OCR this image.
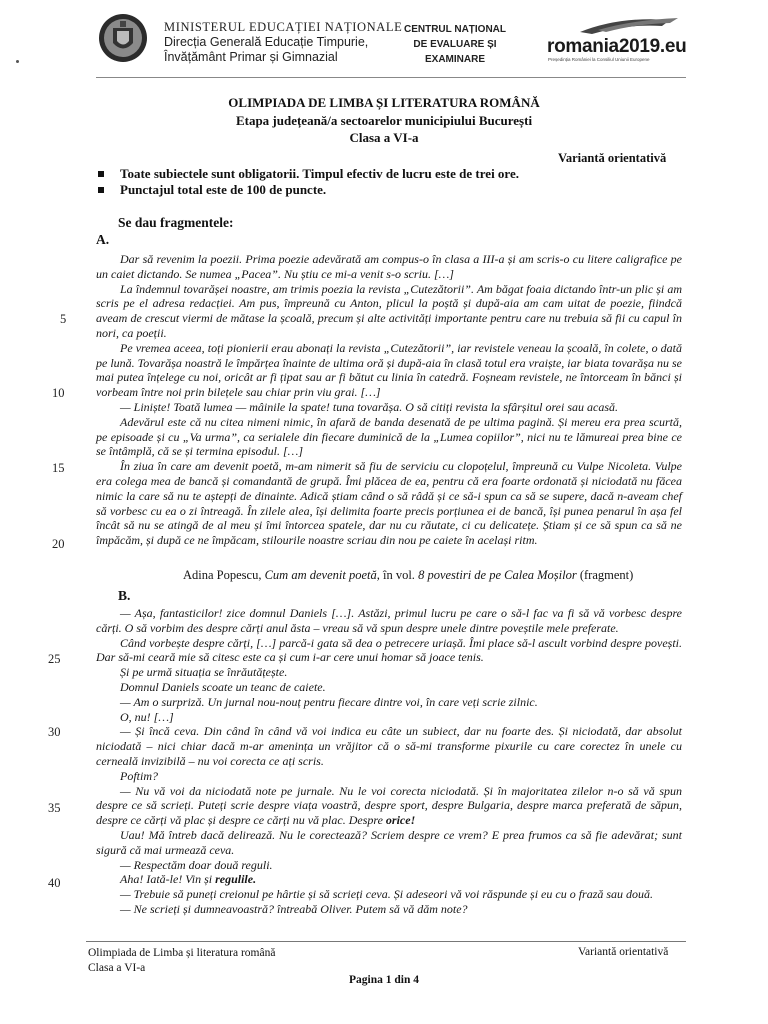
MINISTERUL EDUCAȚIEI NAȚIONALE
Direcția Generală Educație Timpurie,
Învățământ Primar și Gimnazial
CENTRUL NAȚIONAL
DE EVALUARE ȘI
EXAMINARE
romania2019.eu
Președinția României la Consiliul Uniunii Europene
OLIMPIADA DE LIMBA ȘI LITERATURA ROMÂNĂ
Etapa județeană/a sectoarelor municipiului București
Clasa a VI-a
Variantă orientativă
Toate subiectele sunt obligatorii. Timpul efectiv de lucru este de trei ore.
Punctajul total este de 100 de puncte.
Se dau fragmentele:
A.

Dar să revenim la poezii. Prima poezie adevărată am compus-o în clasa a III-a și am scris-o cu litere caligrafice pe un caiet dictando. Se numea „Pacea”. Nu știu ce mi-a venit s-o scriu. […]

La îndemnul tovarășei noastre, am trimis poezia la revista „Cutezătorii”. Am băgat foaia dictando într-un plic și am scris pe el adresa redacției. Am pus, împreună cu Anton, plicul la poștă și după-aia am cam uitat de poezie, fiindcă aveam de crescut viermi de mătase la școală, precum și alte activități importante pentru care nu trebuia să fii cu capul în nori, ca poeții.

Pe vremea aceea, toți pionierii erau abonați la revista „Cutezătorii”, iar revistele veneau la școală, în colete, o dată pe lună. Tovarășa noastră le împărțea înainte de ultima oră și după-aia în clasă totul era vraiște, iar biata tovarășa nu se mai putea înțelege cu noi, oricât ar fi țipat sau ar fi bătut cu linia în catedră. Foșneam revistele, ne întorceam în bănci și vorbeam între noi prin bilețele sau chiar prin viu grai. […]

— Liniște! Toată lumea — mâinile la spate! tuna tovarășa. O să citiți revista la sfârșitul orei sau acasă.

Adevărul este că nu citea nimeni nimic, în afară de banda desenată de pe ultima pagină. Și mereu era prea scurtă, pe episoade și cu „Va urma”, ca serialele din fiecare duminică de la „Lumea copiilor”, nici nu te lămureai prea bine ce se întâmplă, că se și termina episodul. […]

În ziua în care am devenit poetă, m-am nimerit să fiu de serviciu cu clopoțelul, împreună cu Vulpe Nicoleta. Vulpe era colega mea de bancă și comandantă de grupă. Îmi plăcea de ea, pentru că era foarte ordonată și niciodată nu făcea nimic la care să nu te aștepți de dinainte. Adică știam când o să râdă și ce să-i spun ca să se supere, dacă n-aveam chef să vorbesc cu ea o zi întreagă. În zilele alea, își delimita foarte precis porțiunea ei de bancă, își punea penarul în așa fel încât să nu se atingă de al meu și îmi întorcea spatele, dar nu cu răutate, ci cu delicatețe. Știam și ce să spun ca să ne împăcăm, și după ce ne împăcam, stilourile noastre scriau din nou pe caiete în același ritm.

Adina Popescu, Cum am devenit poetă, în vol. 8 povestiri de pe Calea Moșilor (fragment)
B.

— Așa, fantasticilor! zice domnul Daniels […]. Astăzi, primul lucru pe care o să-l fac va fi să vă vorbesc despre cărți. O să vorbim des despre cărți anul ăsta – vreau să vă spun despre unele dintre poveștile mele preferate.

Când vorbește despre cărți, […] parcă-i gata să dea o petrecere uriașă. Îmi place să-l ascult vorbind despre povești. Dar să-mi ceară mie să citesc este ca și cum i-ar cere unui homar să joace tenis.

Și pe urmă situația se înrăutățește.

Domnul Daniels scoate un teanc de caiete.

— Am o surpriză. Un jurnal nou-nouț pentru fiecare dintre voi, în care veți scrie zilnic.

O, nu! […]

— Și încă ceva. Din când în când vă voi indica eu câte un subiect, dar nu foarte des. Și niciodată, dar absolut niciodată – nici chiar dacă m-ar amenința un vrăjitor că o să-mi transforme pixurile cu care corectez în unele cu cerneală invizibilă – nu voi corecta ce ați scris.

Poftim?

— Nu vă voi da niciodată note pe jurnale. Nu le voi corecta niciodată. Și în majoritatea zilelor n-o să vă spun despre ce să scrieți. Puteți scrie despre viața voastră, despre sport, despre Bulgaria, despre marca preferată de săpun, despre ce cărți vă plac și despre ce cărți nu vă plac. Despre orice!

Uau! Mă întreb dacă delirează. Nu le corectează? Scriem despre ce vrem? E prea frumos ca să fie adevărat; sunt sigură că mai urmează ceva.

— Respectăm doar două reguli.

Aha! Iată-le! Vin și regulile.

— Trebuie să puneți creionul pe hârtie și să scrieți ceva. Și adeseori vă voi răspunde și eu cu o frază sau două.

— Ne scrieți și dumneavoastră? întreabă Oliver. Putem să vă dăm note?

5
10
15
20
25
30
35
40
Olimpiada de Limba și literatura română
Clasa a VI-a
Variantă orientativă
Pagina 1 din 4
